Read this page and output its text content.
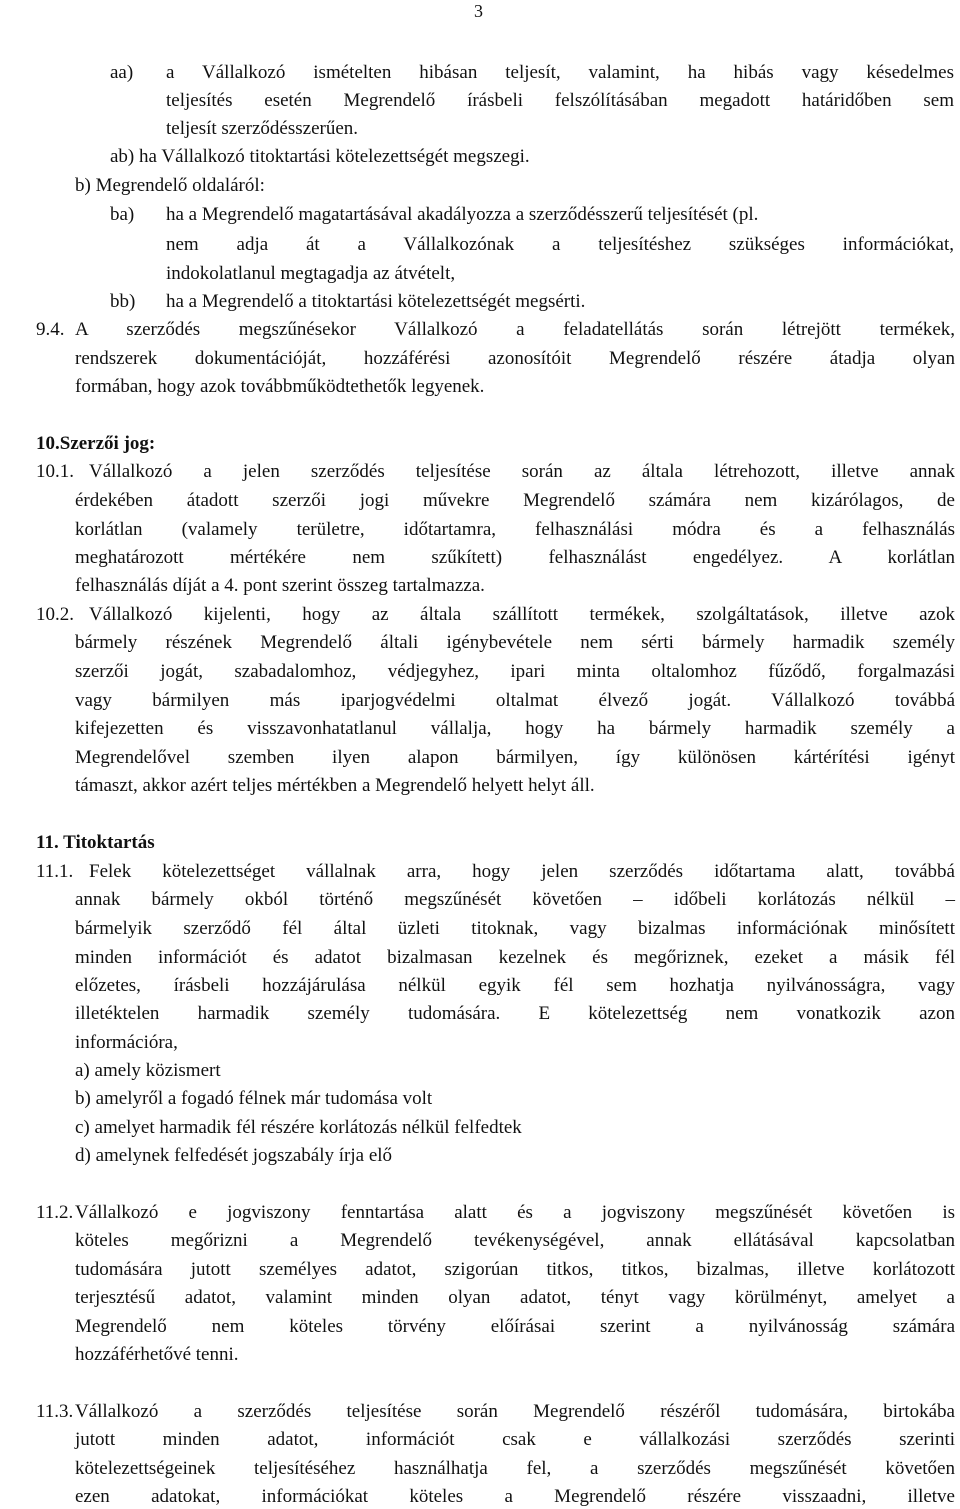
3
aa) a Vállalkozó ismételten hibásan teljesít, valamint, ha hibás vagy késedelmes
teljesítés esetén Megrendelő írásbeli felszólításában megadott határidőben sem
teljesít szerződésszerűen.
ab) ha Vállalkozó titoktartási kötelezettségét megszegi.
b) Megrendelő oldaláról:
ba) ha a Megrendelő magatartásával akadályozza a szerződésszerű teljesítését (pl.
nem adja át a Vállalkozónak a teljesítéshez szükséges információkat,
indokolatlanul megtagadja az átvételt,
bb) ha a Megrendelő a titoktartási kötelezettségét megsérti.
9.4. A szerződés megszűnésekor Vállalkozó a feladatellátás során létrejött termékek,
rendszerek dokumentációját, hozzáférési azonosítóit Megrendelő részére átadja olyan
formában, hogy azok továbbműködtethetők legyenek.
10.Szerzői jog:
10.1. Vállalkozó a jelen szerződés teljesítése során az általa létrehozott, illetve annak
érdekében átadott szerzői jogi művekre Megrendelő számára nem kizárólagos, de
korlátlan (valamely területre, időtartamra, felhasználási módra és a felhasználás
meghatározott mértékére nem szűkített) felhasználást engedélyez. A korlátlan
felhasználás díját a 4. pont szerint összeg tartalmazza.
10.2. Vállalkozó kijelenti, hogy az általa szállított termékek, szolgáltatások, illetve azok
bármely részének Megrendelő általi igénybevétele nem sérti bármely harmadik személy
szerzői jogát, szabadalomhoz, védjegyhez, ipari minta oltalomhoz fűződő, forgalmazási
vagy bármilyen más iparjogvédelmi oltalmat élvező jogát. Vállalkozó továbbá
kifejezetten és visszavonhatatlanul vállalja, hogy ha bármely harmadik személy a
Megrendelővel szemben ilyen alapon bármilyen, így különösen kártérítési igényt
támaszt, akkor azért teljes mértékben a Megrendelő helyett helyt áll.
11. Titoktartás
11.1. Felek kötelezettséget vállalnak arra, hogy jelen szerződés időtartama alatt, továbbá
annak bármely okból történő megszűnését követően – időbeli korlátozás nélkül –
bármelyik szerződő fél által üzleti titoknak, vagy bizalmas információnak minősített
minden információt és adatot bizalmasan kezelnek és megőriznek, ezeket a másik fél
előzetes, írásbeli hozzájárulása nélkül egyik fél sem hozhatja nyilvánosságra, vagy
illetéktelen harmadik személy tudomására. E kötelezettség nem vonatkozik azon
információra,
a) amely közismert
b) amelyről a fogadó félnek már tudomása volt
c) amelyet harmadik fél részére korlátozás nélkül felfedtek
d) amelynek felfedését jogszabály írja elő
11.2. Vállalkozó e jogviszony fenntartása alatt és a jogviszony megszűnését követően is
köteles megőrizni a Megrendelő tevékenységével, annak ellátásával kapcsolatban
tudomására jutott személyes adatot, szigorúan titkos, titkos, bizalmas, illetve korlátozott
terjesztésű adatot, valamint minden olyan adatot, tényt vagy körülményt, amelyet a
Megrendelő nem köteles törvény előírásai szerint a nyilvánosság számára
hozzáférhetővé tenni.
11.3. Vállalkozó a szerződés teljesítése során Megrendelő részéről tudomására, birtokába
jutott minden adatot, információt csak e vállalkozási szerződés szerinti
kötelezettségeinek teljesítéséhez használhatja fel, a szerződés megszűnését követően
ezen adatokat, információkat köteles a Megrendelő részére visszaadni, illetve
